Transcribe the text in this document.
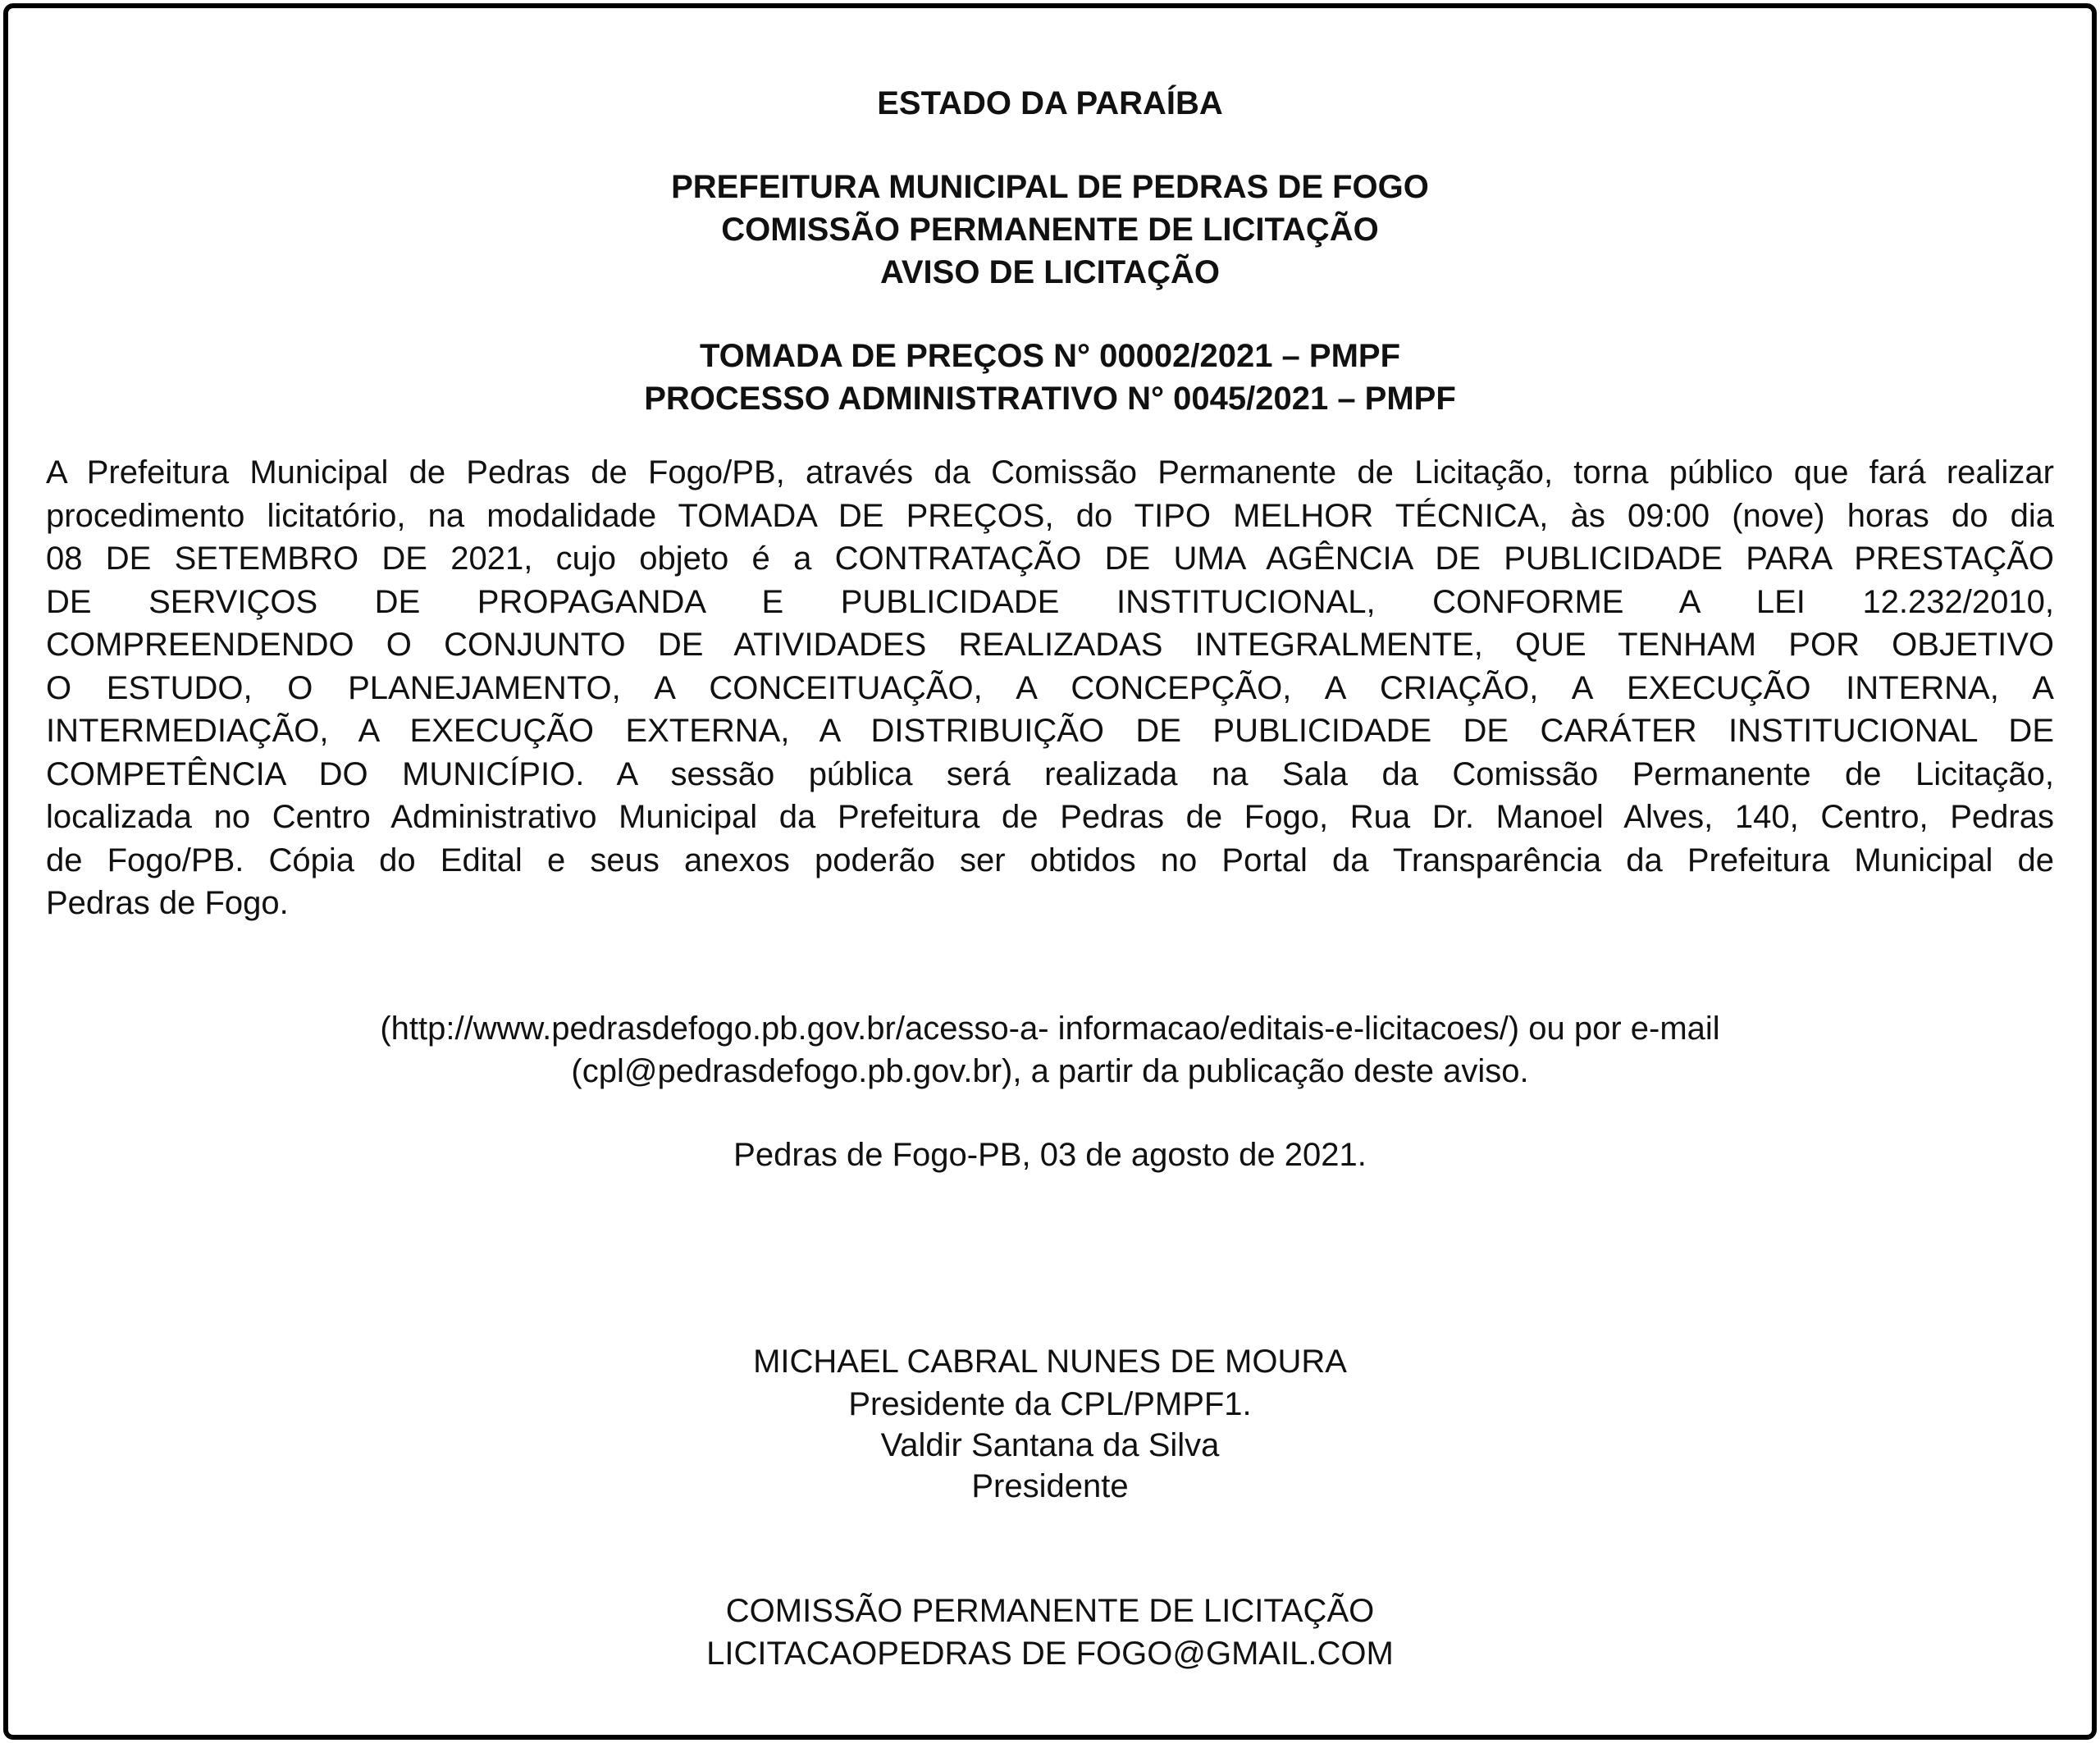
ESTADO DA PARAÍBA
PREFEITURA MUNICIPAL DE PEDRAS DE FOGO
COMISSÃO PERMANENTE DE LICITAÇÃO
AVISO DE LICITAÇÃO
TOMADA DE PREÇOS N° 00002/2021 – PMPF
PROCESSO ADMINISTRATIVO N° 0045/2021 – PMPF
A Prefeitura Municipal de Pedras de Fogo/PB, através da Comissão Permanente de Licitação, torna público que fará realizar
procedimento licitatório, na modalidade TOMADA DE PREÇOS, do TIPO MELHOR TÉCNICA, às 09:00 (nove) horas do dia
08 DE SETEMBRO DE 2021, cujo objeto é a CONTRATAÇÃO DE UMA AGÊNCIA DE PUBLICIDADE PARA PRESTAÇÃO
DE SERVIÇOS DE PROPAGANDA E PUBLICIDADE INSTITUCIONAL, CONFORME A LEI 12.232/2010,
COMPREENDENDO O CONJUNTO DE ATIVIDADES REALIZADAS INTEGRALMENTE, QUE TENHAM POR OBJETIVO
O ESTUDO, O PLANEJAMENTO, A CONCEITUAÇÃO, A CONCEPÇÃO, A CRIAÇÃO, A EXECUÇÃO INTERNA, A
INTERMEDIAÇÃO, A EXECUÇÃO EXTERNA, A DISTRIBUIÇÃO DE PUBLICIDADE DE CARÁTER INSTITUCIONAL DE
COMPETÊNCIA DO MUNICÍPIO. A sessão pública será realizada na Sala da Comissão Permanente de Licitação,
localizada no Centro Administrativo Municipal da Prefeitura de Pedras de Fogo, Rua Dr. Manoel Alves, 140, Centro, Pedras
de Fogo/PB. Cópia do Edital e seus anexos poderão ser obtidos no Portal da Transparência da Prefeitura Municipal de
Pedras de Fogo.
(http://www.pedrasdefogo.pb.gov.br/acesso-a- informacao/editais-e-licitacoes/) ou por e-mail
(cpl@pedrasdefogo.pb.gov.br), a partir da publicação deste aviso.
Pedras de Fogo-PB, 03 de agosto de 2021.
MICHAEL CABRAL NUNES DE MOURA
Presidente da CPL/PMPF1.
Valdir Santana da Silva
Presidente
COMISSÃO PERMANENTE DE LICITAÇÃO
LICITACAOPEDRAS DE FOGO@GMAIL.COM
